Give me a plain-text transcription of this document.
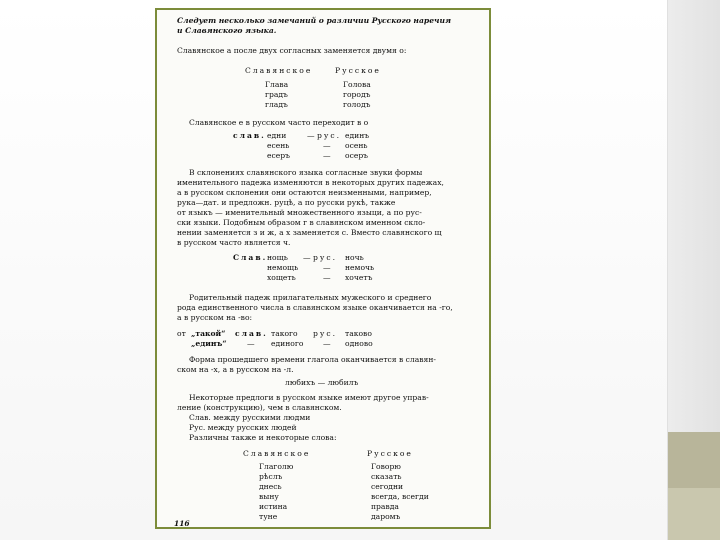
Следует несколько замечаний о различии Русского наречия
и Славянского языка.
Славянское а после двух согласных заменяется двумя о:
Славянское	Русское
Глава	Голова
градъ	городъ
гладъ	голодъ
Славянское е в русском часто переходит в о
слав. едни	— рус. единъ
есень	— осень
есеръ	— осеръ
В склонениях славянского языка согласные звуки формы
именительного падежа изменяются в некоторых других падежах,
а в русском склонения они остаются неизменными, например,
рука—дат. и предложн. руцѣ, а по русски рукѣ, также
от языкъ — именительный множественного языци, а по рус-
ски языки. Подобным образом г в славянском именном скло-
нении заменяется з и ж, а х заменяется с. Вместо славянского щ
в русском часто является ч.
Слав. нощь — рус. ночь
немощь	— немочь
хощеть	— хочетъ
Родительный падеж прилагательных мужеского и среднего
рода единственного числа в славянском языке оканчивается на -го,
а в русском на -во:
от „такой“ слав. такого рус. таково
„единъ“	— единого	— одново
Форма прошедшего времени глагола оканчивается в славян-
ском на -х, а в русском на -л.
любихъ — любилъ
Некоторые предлоги в русском языке имеют другое управ-
ление (конструкцию), чем в славянском.
Слав. между русскими людми
Рус. между русских людей
Различны также и некоторые слова:
Славянское	Русское
Глаголю	Говорю
рѣслъ	сказать
днесь	сегодни
выну	всегда, всегди
истина	правда
туне	даромъ
116
